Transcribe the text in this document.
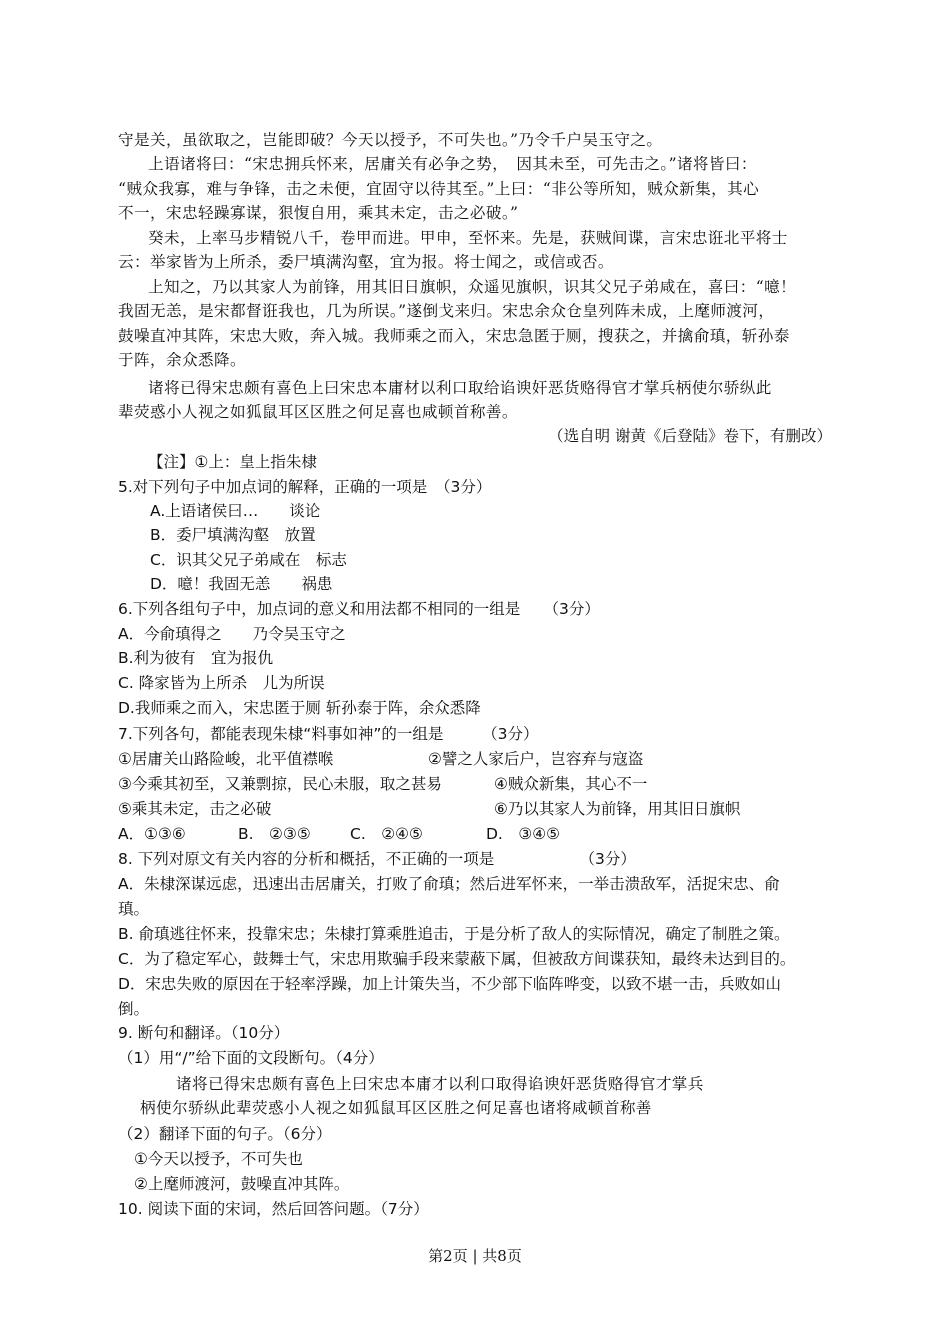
守是关，虽欲取之，岂能即破？今天以授予，不可失也。”乃令千户吴玉守之。
上语诸将曰：“宋忠拥兵怀来，居庸关有必争之势，　因其未至，可先击之。”诸将皆曰：
“贼众我寡，难与争锋，击之未便，宜固守以待其至。”上曰：“非公等所知，贼众新集，其心
不一，宋忠轻躁寡谋，狠愎自用，乘其未定，击之必破。”
癸未，上率马步精锐八千，卷甲而进。甲申，至怀来。先是，获贼间谍，言宋忠诳北平将士
云：举家皆为上所杀，委尸填满沟壑，宜为报。将士闻之，或信或否。
上知之，乃以其家人为前锋，用其旧日旗帜，众遥见旗帜，识其父兄子弟咸在，喜曰：“噫！
我固无恙，是宋都督诳我也，几为所误。”遂倒戈来归。宋忠余众仓皇列阵未成，上麾师渡河，
鼓噪直冲其阵，宋忠大败，奔入城。我师乘之而入，宋忠急匿于厕，搜获之，并擒俞瑱，斩孙泰
于阵，余众悉降。
诸将已得宋忠颇有喜色上曰宋忠本庸材以利口取给谄谀奸恶货赂得官才掌兵柄使尔骄纵此
辈荧惑小人视之如狐鼠耳区区胜之何足喜也咸顿首称善。
（选自明 谢黄《后登陆》卷下，有删改）
【注】①上：皇上指朱棣
5.对下列句子中加点词的解释，正确的一项是　（3分）
A.上语诸侯曰…　　谈论
B．委尸填满沟壑　放置
C．识其父兄子弟咸在　标志
D．噫！我固无恙　　祸患
6.下列各组句子中，加点词的意义和用法都不相同的一组是　　（3分）
A．今俞瑱得之　　乃令吴玉守之
B.利为彼有　宜为报仇
C. 降家皆为上所杀　儿为所误
D.我师乘之而入，宋忠匿于厕 斩孙泰于阵，余众悉降
7.下列各句，都能表现朱棣“料事如神”的一组是　　　（3分）
①居庸关山路险峻，北平值襟喉	②譬之人家后户，岂容弃与寇盗
③今乘其初至，又兼剽掠，民心未服，取之甚易	④贼众新集，其心不一
⑤乘其未定，击之必破	⑥乃以其家人为前锋，用其旧日旗帜
A．①③⑥	B.　②③⑤	C.　②④⑤	D.　③④⑤
8. 下列对原文有关内容的分析和概括，不正确的一项是　　　　　　（3分）
A．朱棣深谋远虑，迅速出击居庸关，打败了俞瑱；然后进军怀来，一举击溃敌军，活捉宋忠、俞
瑱。
B. 俞瑱逃往怀来，投靠宋忠；朱棣打算乘胜追击，于是分析了敌人的实际情况，确定了制胜之策。
C．为了稳定军心，鼓舞士气，宋忠用欺骗手段来蒙蔽下属，但被敌方间谍获知，最终未达到目的。
D．宋忠失败的原因在于轻率浮躁，加上计策失当，不少部下临阵哗变，以致不堪一击，兵败如山
倒。
9. 断句和翻译。（10分）
（1）用“/”给下面的文段断句。（4分）
诸将已得宋忠颇有喜色上曰宋忠本庸才以利口取得谄谀奸恶货赂得官才掌兵
柄使尔骄纵此辈荧惑小人视之如狐鼠耳区区胜之何足喜也诸将咸顿首称善
（2）翻译下面的句子。（6分）
①今天以授予，不可失也
②上麾师渡河，鼓噪直冲其阵。
10. 阅读下面的宋词，然后回答问题。（7分）
第2页 | 共8页
